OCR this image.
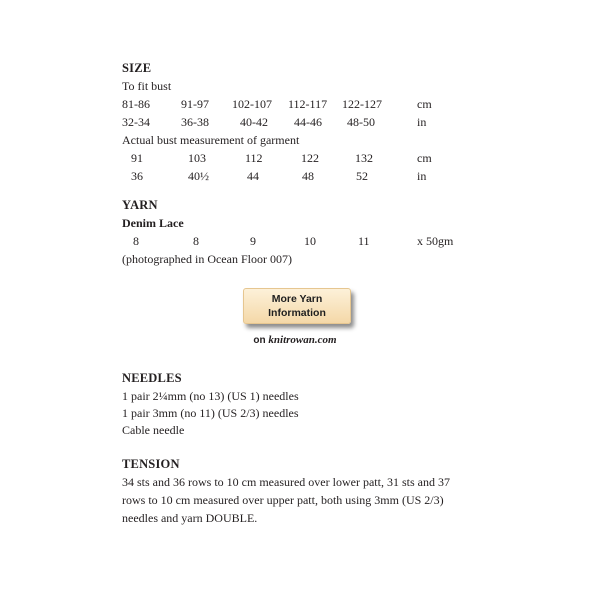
SIZE
To fit bust
81-86	91-97 102-107 112-117 122-127	cm
32-34	36-38	40-42 44-46 48-50	in
Actual bust measurement of garment
91	103	112	122	132	cm
36	40½	44	48	52	in
YARN
Denim Lace
8	8	9	10	11	x 50gm
(photographed in Ocean Floor 007)
More Yarn
Information
on knitrowan.com
NEEDLES
1 pair 2¼mm (no 13) (US 1) needles
1 pair 3mm (no 11) (US 2/3) needles
Cable needle
TENSION
34 sts and 36 rows to 10 cm measured over lower patt, 31 sts and 37
rows to 10 cm measured over upper patt, both using 3mm (US 2/3)
needles and yarn DOUBLE.
